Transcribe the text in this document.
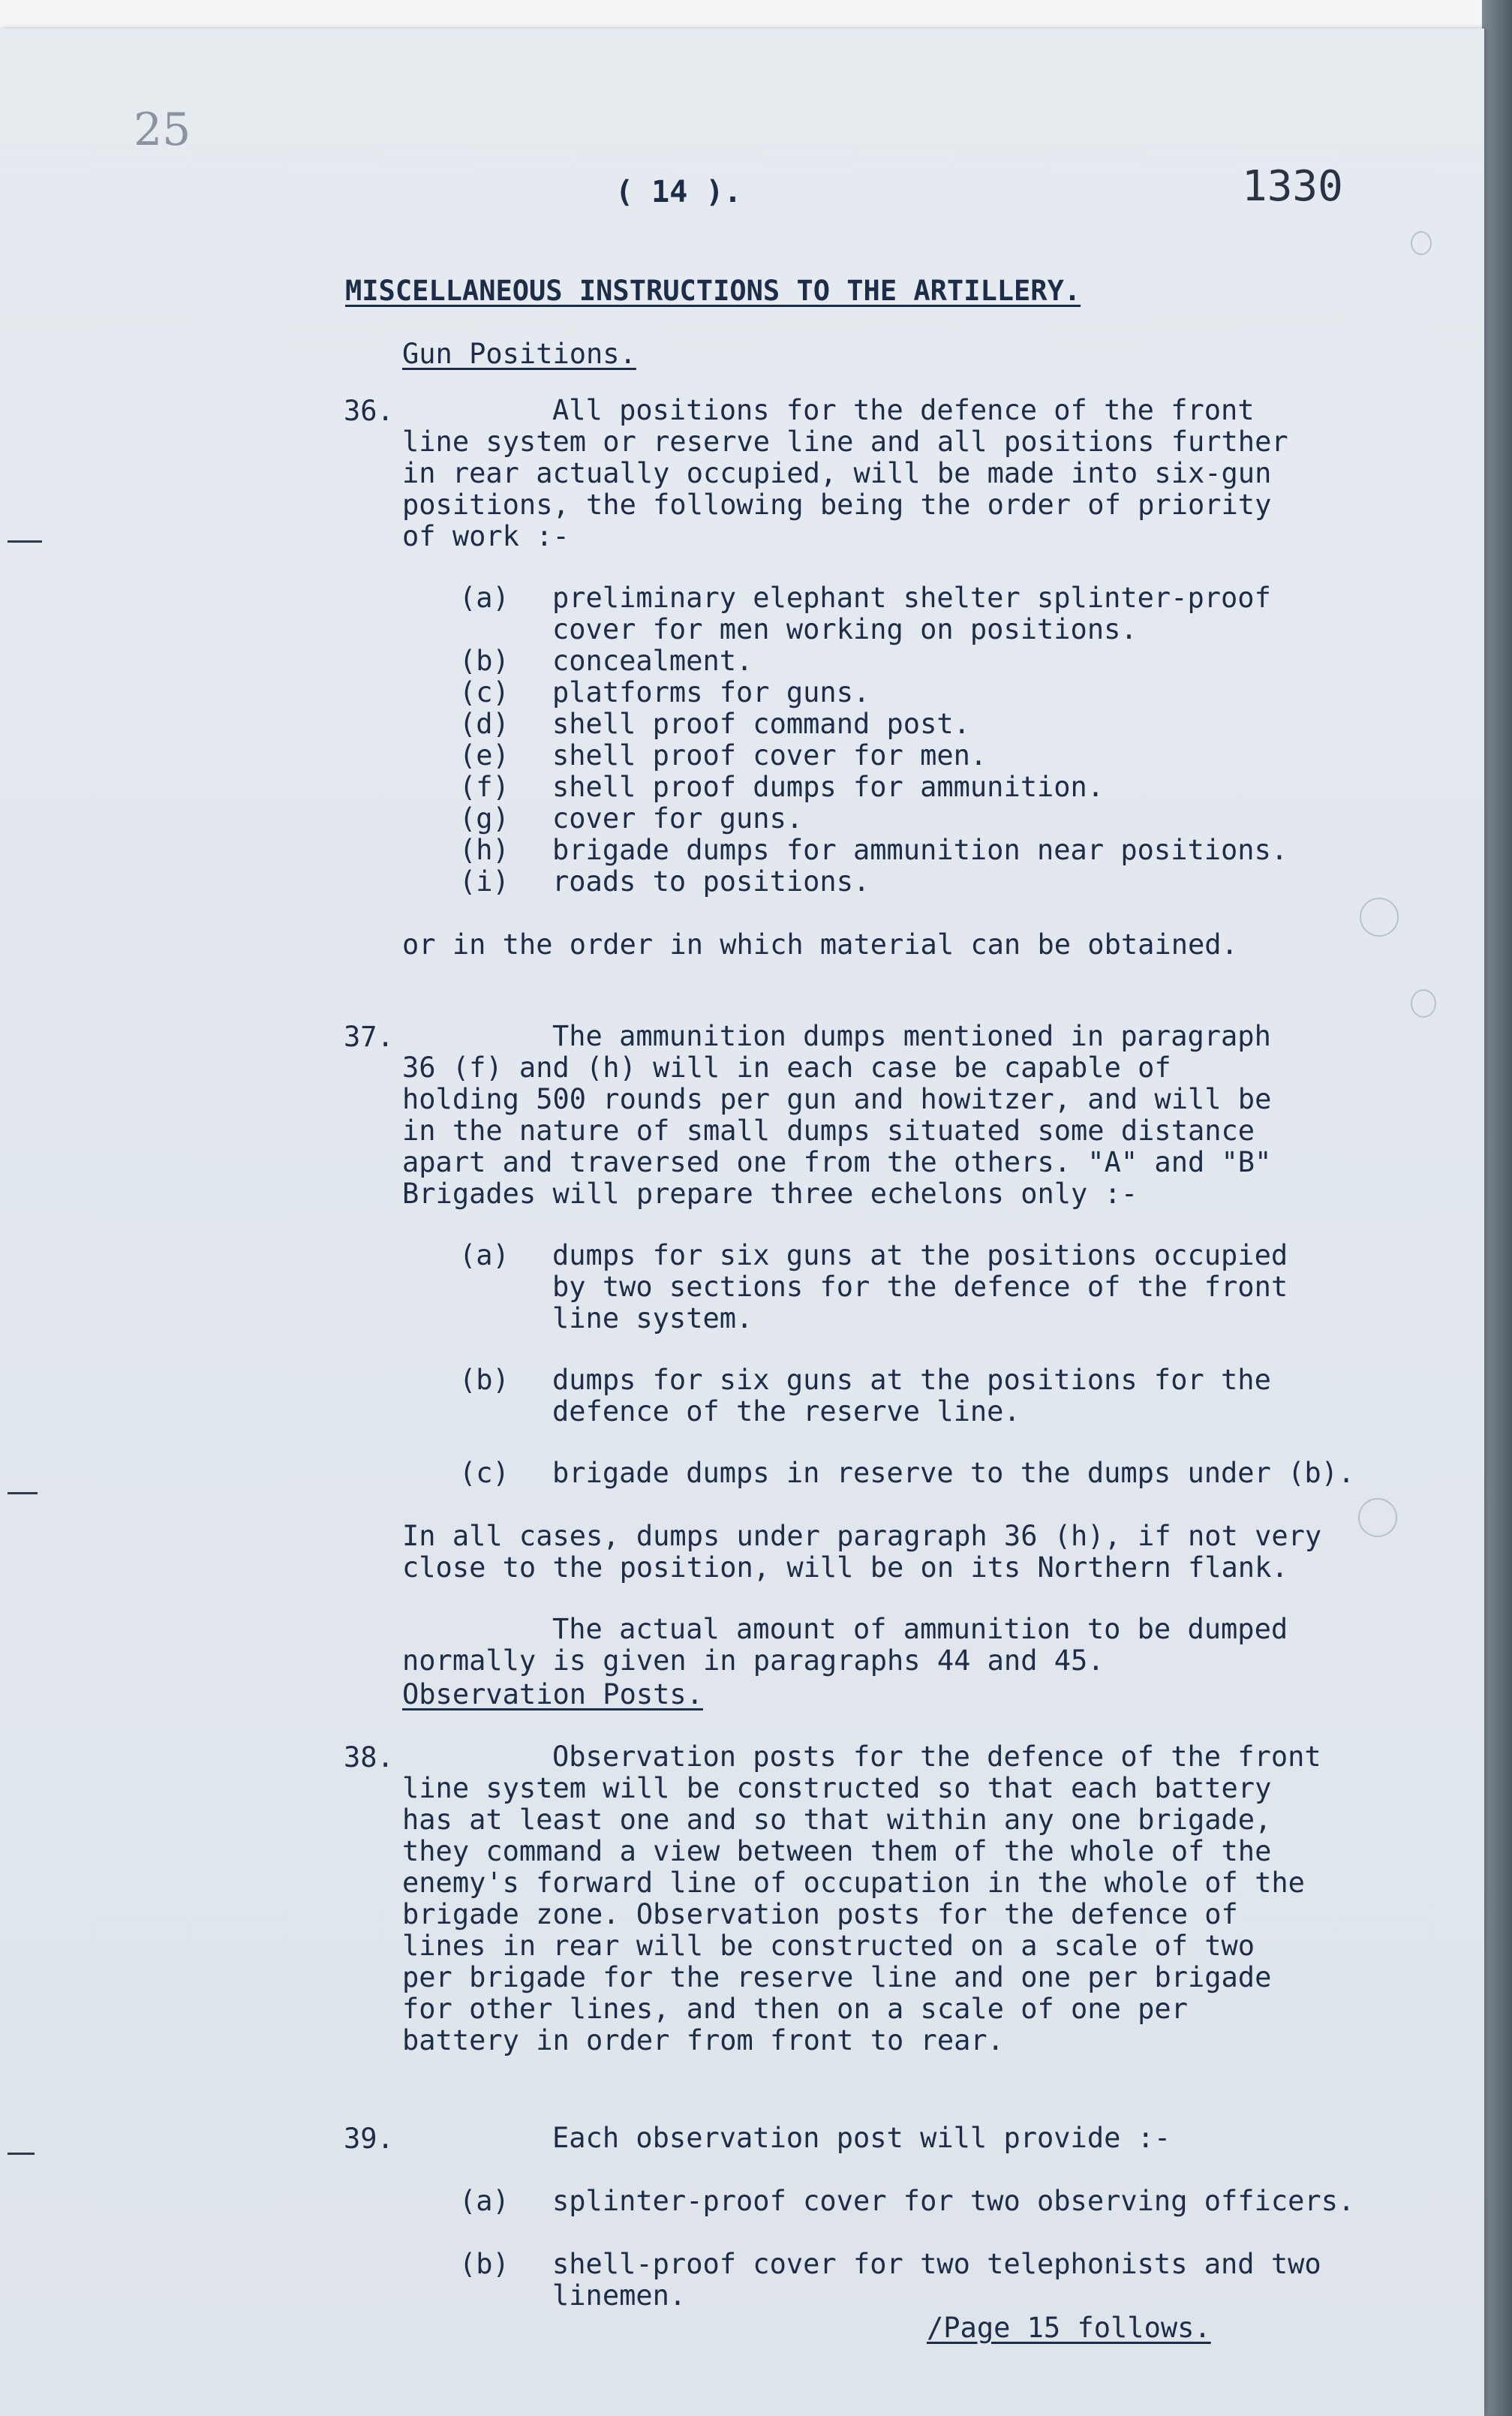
25
( 14 ).	1330
MISCELLANEOUS INSTRUCTIONS TO THE ARTILLERY.
Gun Positions.
36.	All positions for the defence of the front
line system or reserve line and all positions further
in rear actually occupied, will be made into six-gun
positions, the following being the order of priority
of work :-
(a) preliminary elephant shelter splinter-proof
cover for men working on positions.
(b) concealment.
(c) platforms for guns.
(d) shell proof command post.
(e) shell proof cover for men.
(f) shell proof dumps for ammunition.
(g) cover for guns.
(h) brigade dumps for ammunition near positions.
(i) roads to positions.
or in the order in which material can be obtained.
37.	The ammunition dumps mentioned in paragraph
36 (f) and (h) will in each case be capable of
holding 500 rounds per gun and howitzer, and will be
in the nature of small dumps situated some distance
apart and traversed one from the others. "A" and "B"
Brigades will prepare three echelons only :-
(a) dumps for six guns at the positions occupied
by two sections for the defence of the front
line system.
(b) dumps for six guns at the positions for the
defence of the reserve line.
(c) brigade dumps in reserve to the dumps under (b).
In all cases, dumps under paragraph 36 (h), if not very
close to the position, will be on its Northern flank.
The actual amount of ammunition to be dumped
normally is given in paragraphs 44 and 45.
Observation Posts.
38.	Observation posts for the defence of the front
line system will be constructed so that each battery
has at least one and so that within any one brigade,
they command a view between them of the whole of the
enemy's forward line of occupation in the whole of the
brigade zone. Observation posts for the defence of
lines in rear will be constructed on a scale of two
per brigade for the reserve line and one per brigade
for other lines, and then on a scale of one per
battery in order from front to rear.
39.	Each observation post will provide :-
(a) splinter-proof cover for two observing officers.
(b) shell-proof cover for two telephonists and two
linemen.
/Page 15 follows.
